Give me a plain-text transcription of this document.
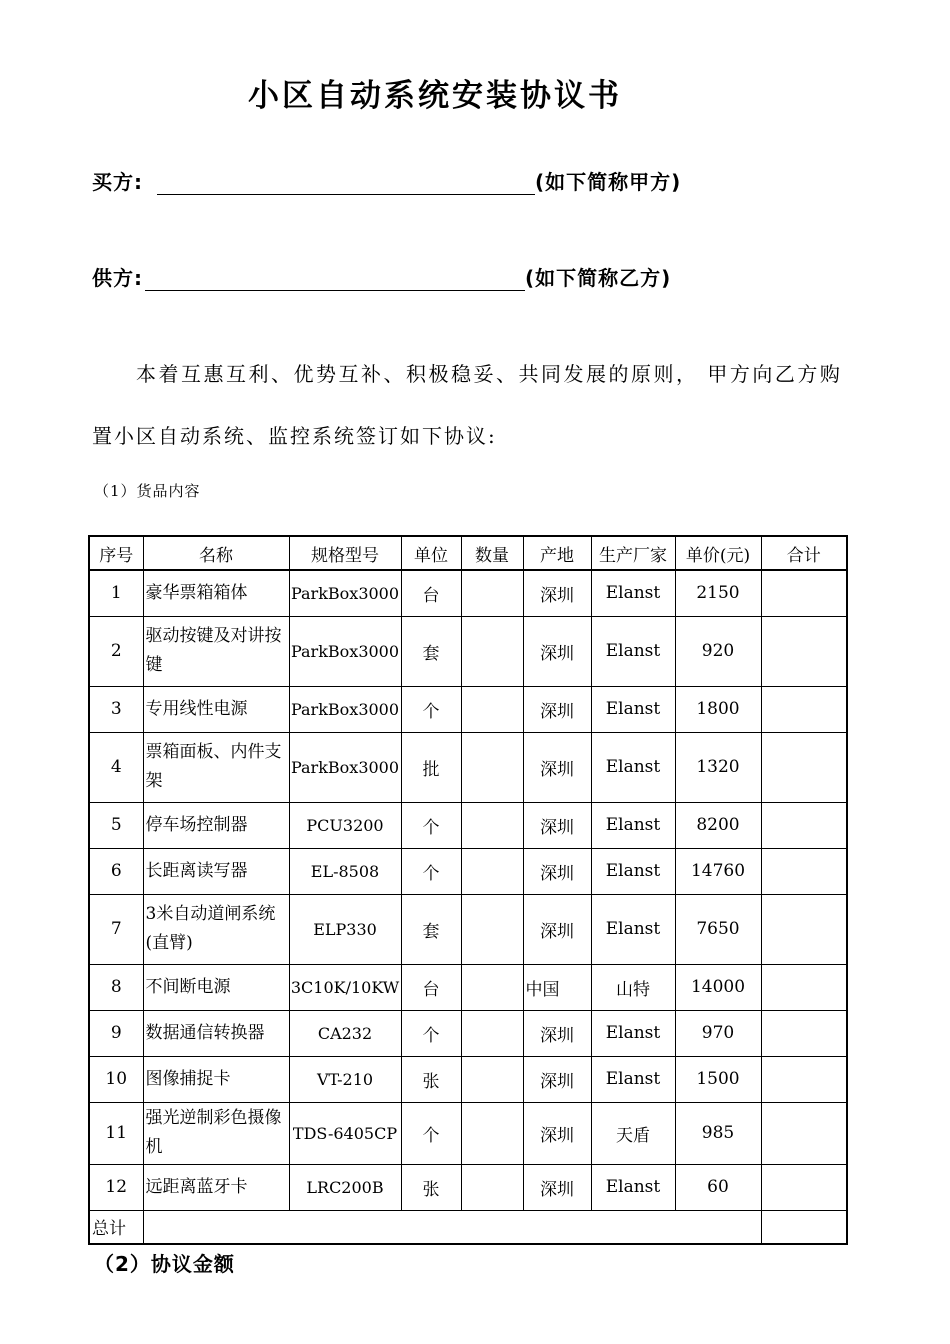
小区自动系统安装协议书
买方:	(如下简称甲方)
供方:	(如下简称乙方)
本着互惠互利、优势互补、积极稳妥、共同发展的原则， 甲方向乙方购
置小区自动系统、监控系统签订如下协议:
（1）货品内容
序号	名称	规格型号	单位	数量	产地	生产厂家	单价(元)	合计
1	豪华票箱箱体	ParkBox3000	台		深圳	Elanst	2150	
2	驱动按键及对讲按键	ParkBox3000	套		深圳	Elanst	920	
3	专用线性电源	ParkBox3000	个		深圳	Elanst	1800	
4	票箱面板、内件支架	ParkBox3000	批		深圳	Elanst	1320	
5	停车场控制器	PCU3200	个		深圳	Elanst	8200	
6	长距离读写器	EL-8508	个		深圳	Elanst	14760	
7	3米自动道闸系统(直臂)	ELP330	套		深圳	Elanst	7650	
8	不间断电源	3C10K/10KW	台		中国	山特	14000	
9	数据通信转换器	CA232	个		深圳	Elanst	970	
10	图像捕捉卡	VT-210	张		深圳	Elanst	1500	
11	强光逆制彩色摄像机	TDS-6405CP	个		深圳	天盾	985	
12	远距离蓝牙卡	LRC200B	张		深圳	Elanst	60	
总计								
（2）协议金额
